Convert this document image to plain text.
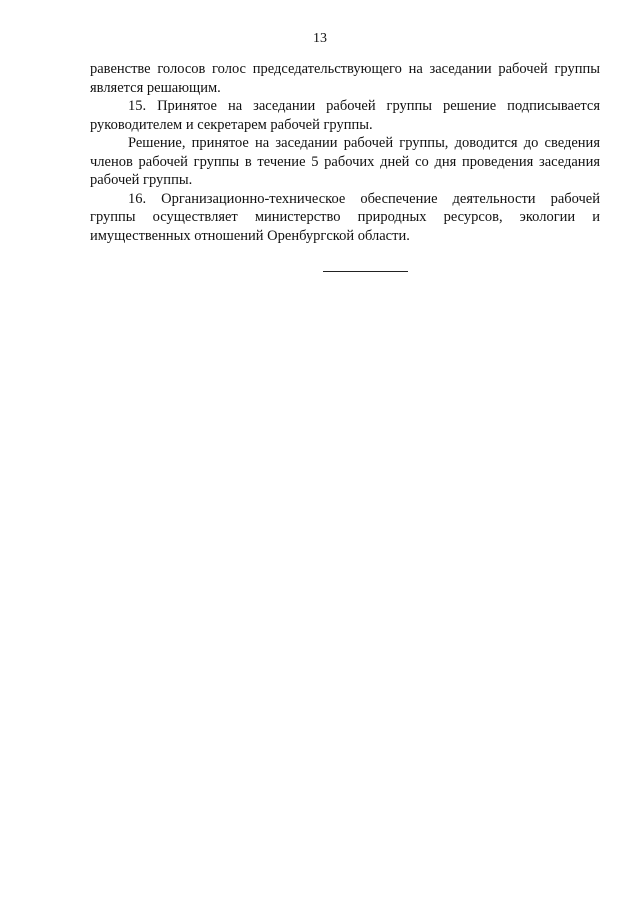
13

равенстве голосов голос председательствующего на заседании рабочей группы является решающим.

15. Принятое на заседании рабочей группы решение подписывается руководителем и секретарем рабочей группы.

Решение, принятое на заседании рабочей группы, доводится до сведения членов рабочей группы в течение 5 рабочих дней со дня проведения заседания рабочей группы.

16. Организационно-техническое обеспечение деятельности рабочей группы осуществляет министерство природных ресурсов, экологии и имущественных отношений Оренбургской области.
